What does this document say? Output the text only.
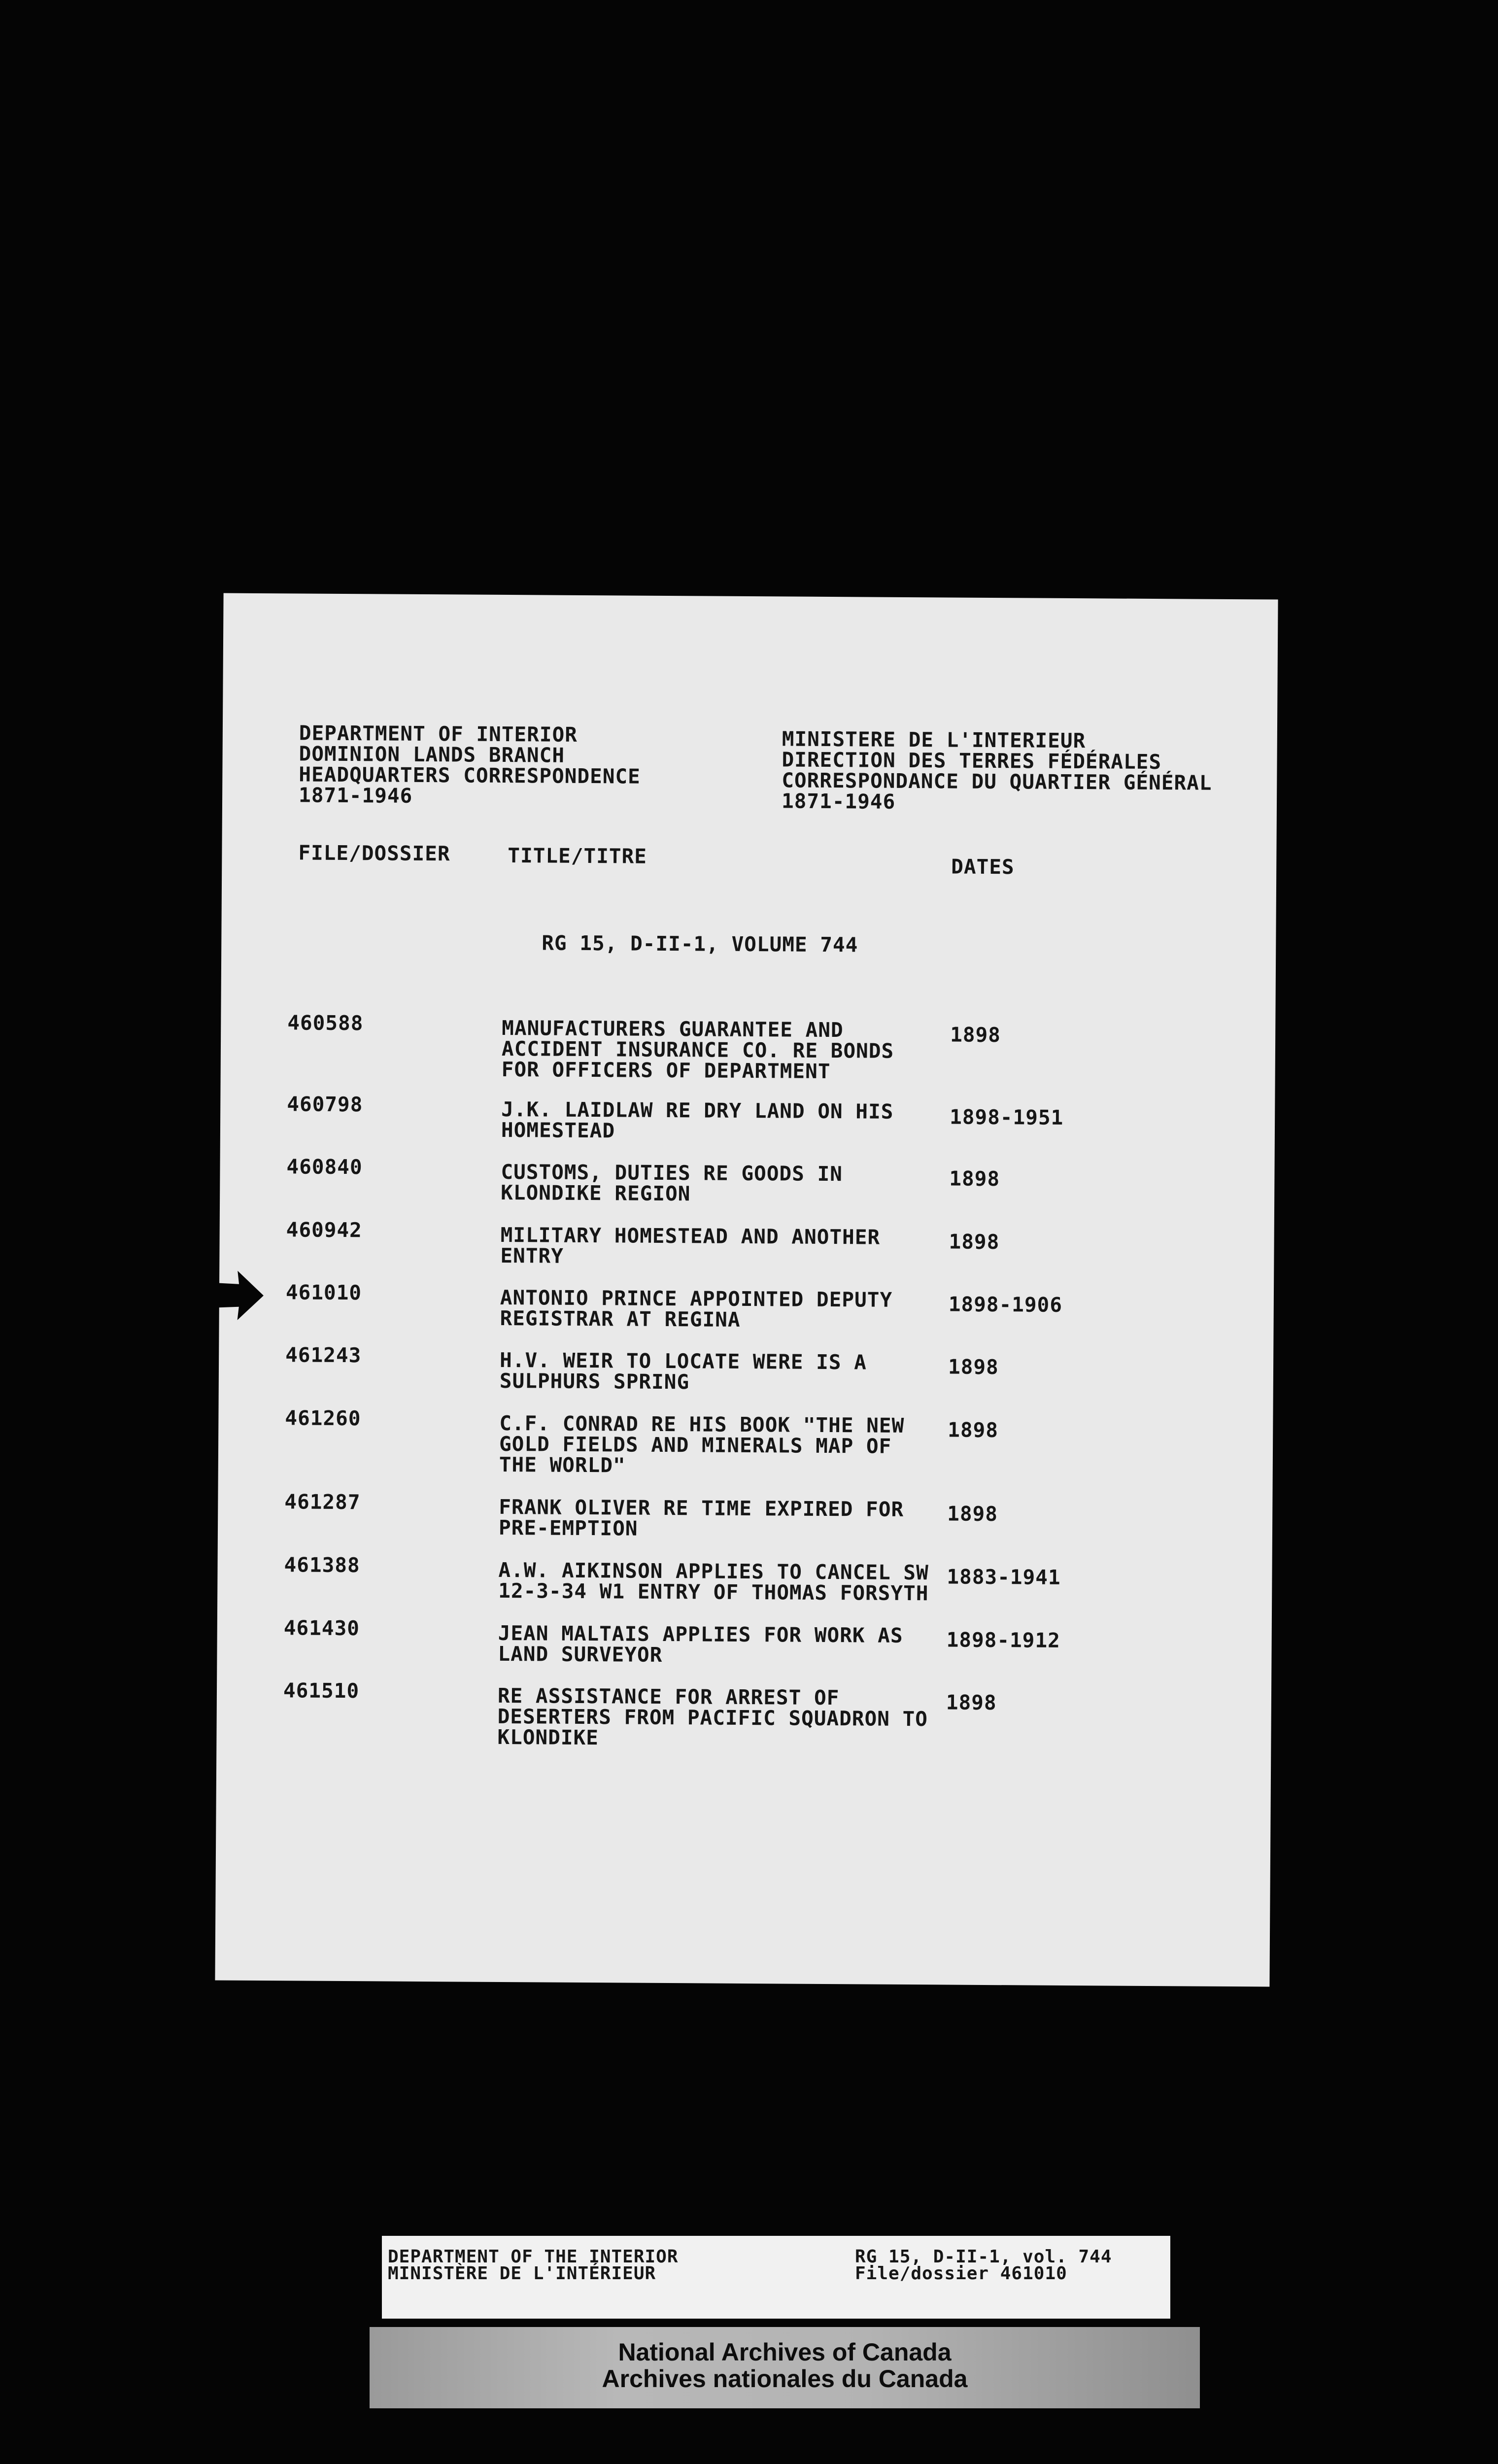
DEPARTMENT OF INTERIOR
DOMINION LANDS BRANCH
HEADQUARTERS CORRESPONDENCE
1871-1946
MINISTERE DE L'INTERIEUR
DIRECTION DES TERRES FÉDÉRALES
CORRESPONDANCE DU QUARTIER GÉNÉRAL
1871-1946
FILE/DOSSIER	TITLE/TITRE	DATES
RG 15, D-II-1, VOLUME 744
460588	MANUFACTURERS GUARANTEE AND
ACCIDENT INSURANCE CO. RE BONDS
FOR OFFICERS OF DEPARTMENT
1898
460798	J.K. LAIDLAW RE DRY LAND ON HIS
HOMESTEAD
1898-1951
460840	CUSTOMS, DUTIES RE GOODS IN
KLONDIKE REGION
1898
460942	MILITARY HOMESTEAD AND ANOTHER
ENTRY
1898
461010	ANTONIO PRINCE APPOINTED DEPUTY
REGISTRAR AT REGINA
1898-1906
461243	H.V. WEIR TO LOCATE WERE IS A
SULPHURS SPRING
1898
461260	C.F. CONRAD RE HIS BOOK "THE NEW
GOLD FIELDS AND MINERALS MAP OF
THE WORLD"
1898
461287	FRANK OLIVER RE TIME EXPIRED FOR
PRE-EMPTION
1898
461388	A.W. AIKINSON APPLIES TO CANCEL SW
12-3-34 W1 ENTRY OF THOMAS FORSYTH
1883-1941
461430	JEAN MALTAIS APPLIES FOR WORK AS
LAND SURVEYOR
1898-1912
461510	RE ASSISTANCE FOR ARREST OF
DESERTERS FROM PACIFIC SQUADRON TO
KLONDIKE
1898
DEPARTMENT OF THE INTERIOR
MINISTÈRE DE L'INTÉRIEUR
RG 15, D-II-1, vol. 744
File/dossier 461010
National Archives of Canada
Archives nationales du Canada
